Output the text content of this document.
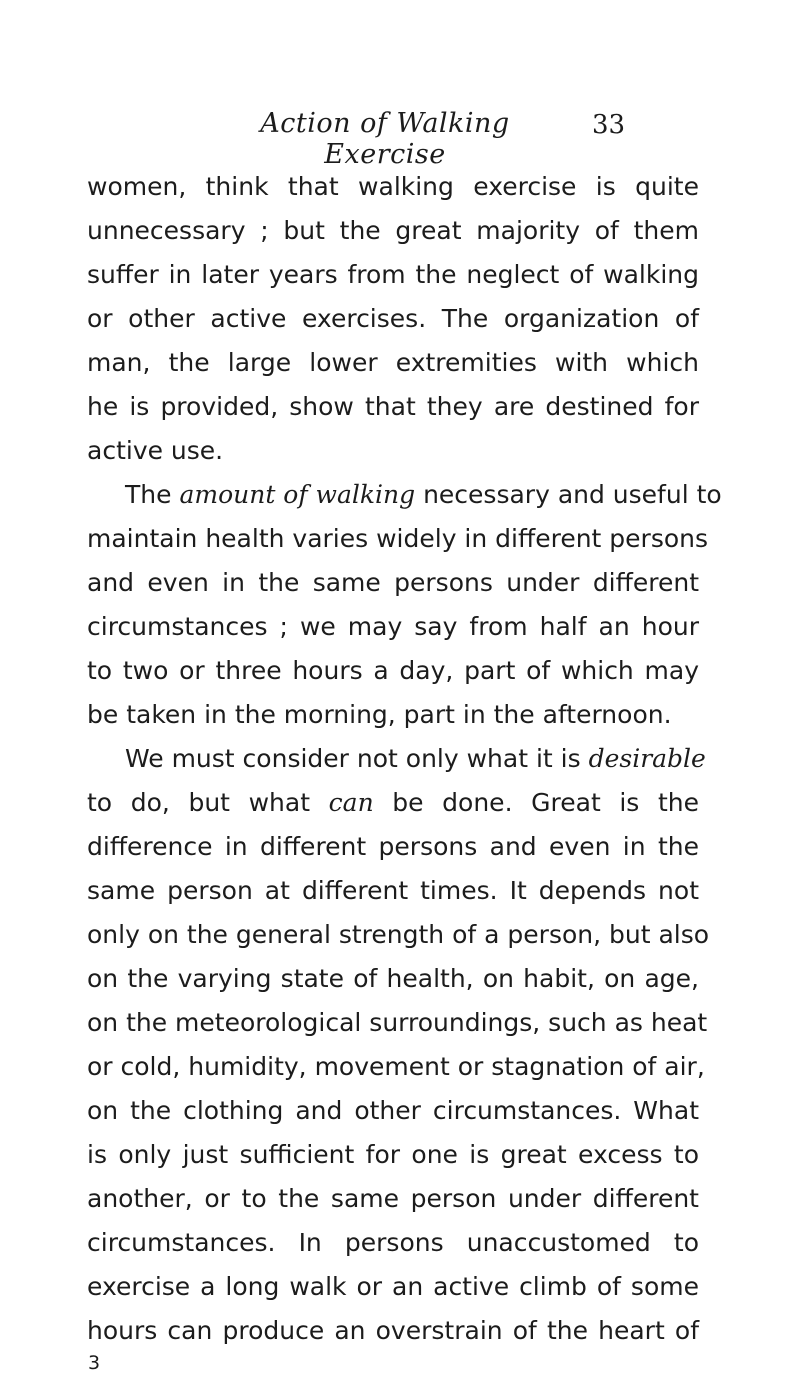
Action of Walking Exercise
33
women, think that walking exercise is quite
unnecessary ; but the great majority of them
suffer in later years from the neglect of walking
or other active exercises. The organization of
man, the large lower extremities with which
he is provided, show that they are destined for
active use.
The amount of walking necessary and useful to
maintain health varies widely in different persons
and even in the same persons under different
circumstances ; we may say from half an hour
to two or three hours a day, part of which may
be taken in the morning, part in the afternoon.
We must consider not only what it is desirable
to do, but what can be done. Great is the
difference in different persons and even in the
same person at different times. It depends not
only on the general strength of a person, but also
on the varying state of health, on habit, on age,
on the meteorological surroundings, such as heat
or cold, humidity, movement or stagnation of air,
on the clothing and other circumstances. What
is only just sufficient for one is great excess to
another, or to the same person under different
circumstances. In persons unaccustomed to
exercise a long walk or an active climb of some
hours can produce an overstrain of the heart of
3
